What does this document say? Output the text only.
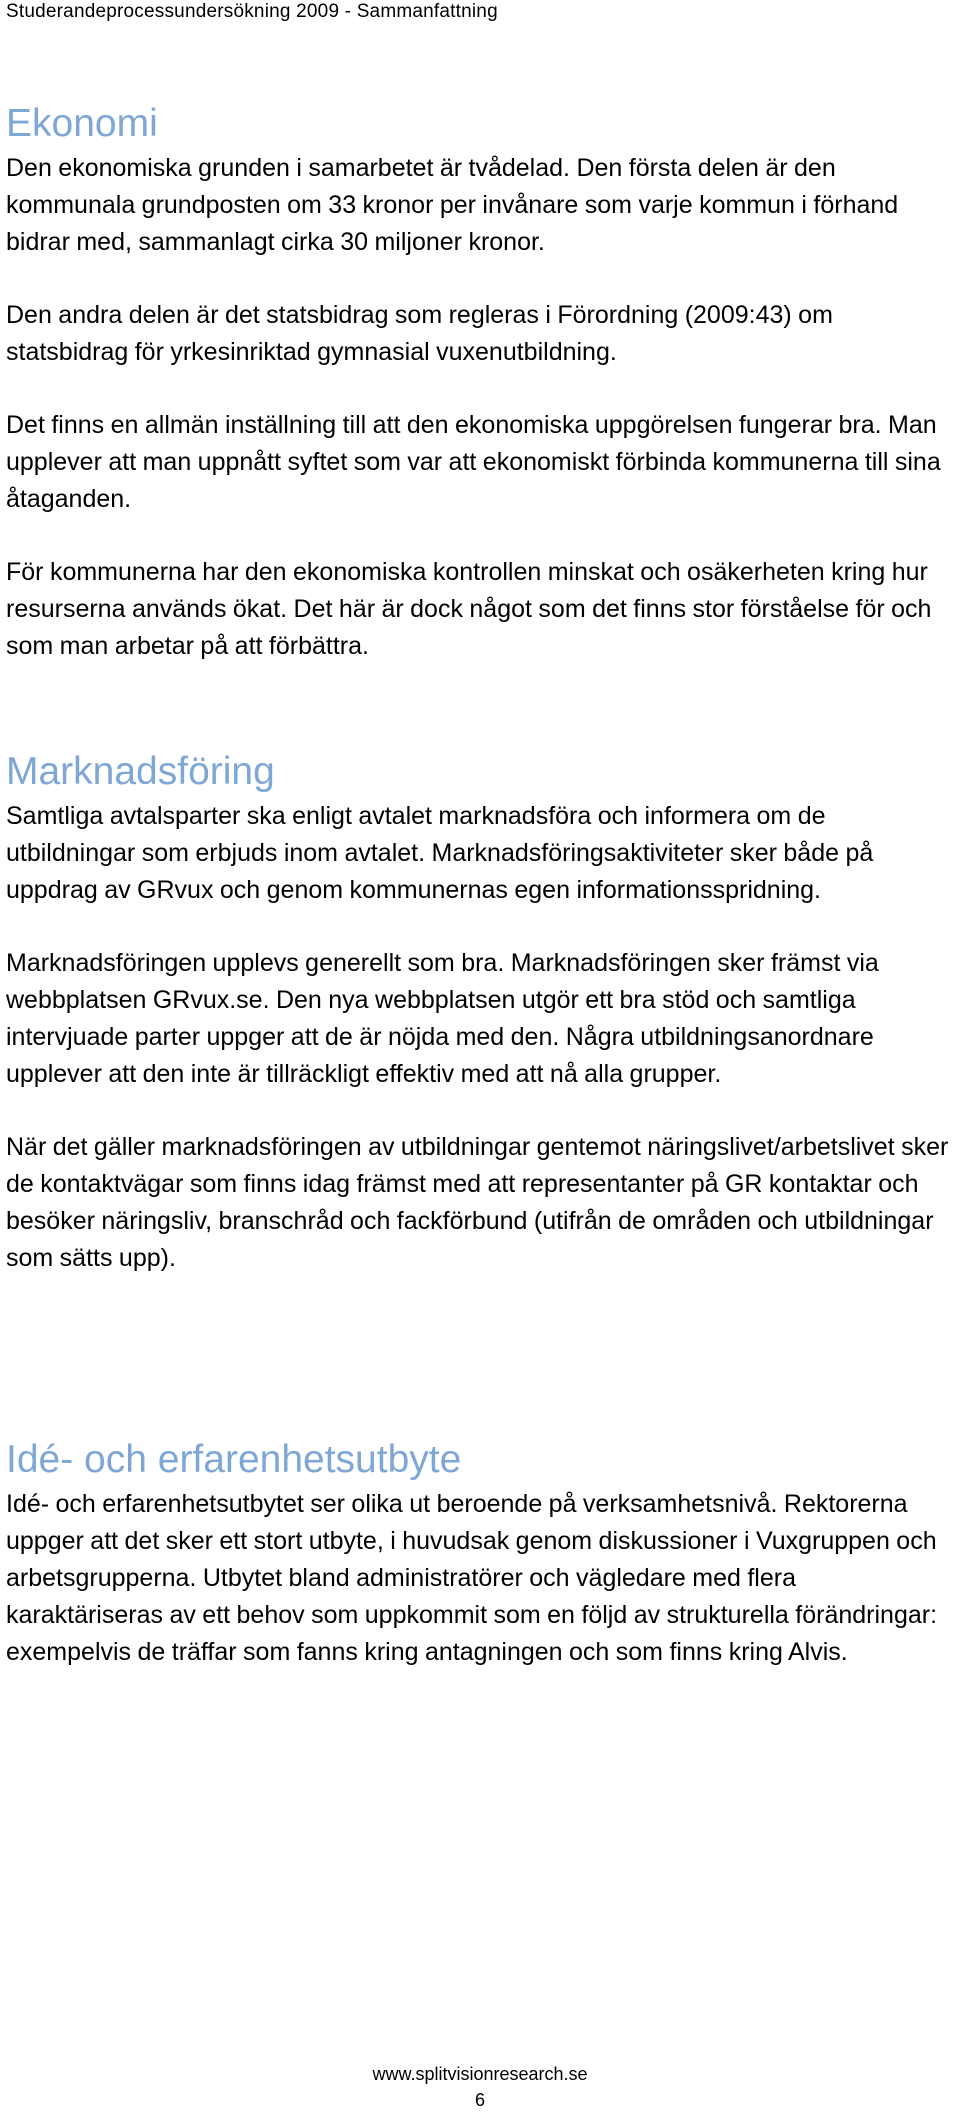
Studerandeprocessundersökning 2009 - Sammanfattning
Ekonomi

Den ekonomiska grunden i samarbetet är tvådelad. Den första delen är den kommunala grundposten om 33 kronor per invånare som varje kommun i förhand bidrar med, sammanlagt cirka 30 miljoner kronor.

Den andra delen är det statsbidrag som regleras i Förordning (2009:43) om statsbidrag för yrkesinriktad gymnasial vuxenutbildning.

Det finns en allmän inställning till att den ekonomiska uppgörelsen fungerar bra. Man upplever att man uppnått syftet som var att ekonomiskt förbinda kommunerna till sina åtaganden.

För kommunerna har den ekonomiska kontrollen minskat och osäkerheten kring hur resurserna används ökat. Det här är dock något som det finns stor förståelse för och som man arbetar på att förbättra.

Marknadsföring

Samtliga avtalsparter ska enligt avtalet marknadsföra och informera om de utbildningar som erbjuds inom avtalet. Marknadsföringsaktiviteter sker både på uppdrag av GRvux och genom kommunernas egen informationsspridning.

Marknadsföringen upplevs generellt som bra. Marknadsföringen sker främst via webbplatsen GRvux.se. Den nya webbplatsen utgör ett bra stöd och samtliga intervjuade parter uppger att de är nöjda med den. Några utbildningsanordnare upplever att den inte är tillräckligt effektiv med att nå alla grupper.

När det gäller marknadsföringen av utbildningar gentemot näringslivet/arbetslivet sker de kontaktvägar som finns idag främst med att representanter på GR kontaktar och besöker näringsliv, branschråd och fackförbund (utifrån de områden och utbildningar som sätts upp).

Idé- och erfarenhetsutbyte

Idé- och erfarenhetsutbytet ser olika ut beroende på verksamhetsnivå. Rektorerna uppger att det sker ett stort utbyte, i huvudsak genom diskussioner i Vuxgruppen och arbetsgrupperna. Utbytet bland administratörer och vägledare med flera karaktäriseras av ett behov som uppkommit som en följd av strukturella förändringar: exempelvis de träffar som fanns kring antagningen och som finns kring Alvis.

www.splitvisionresearch.se
6
